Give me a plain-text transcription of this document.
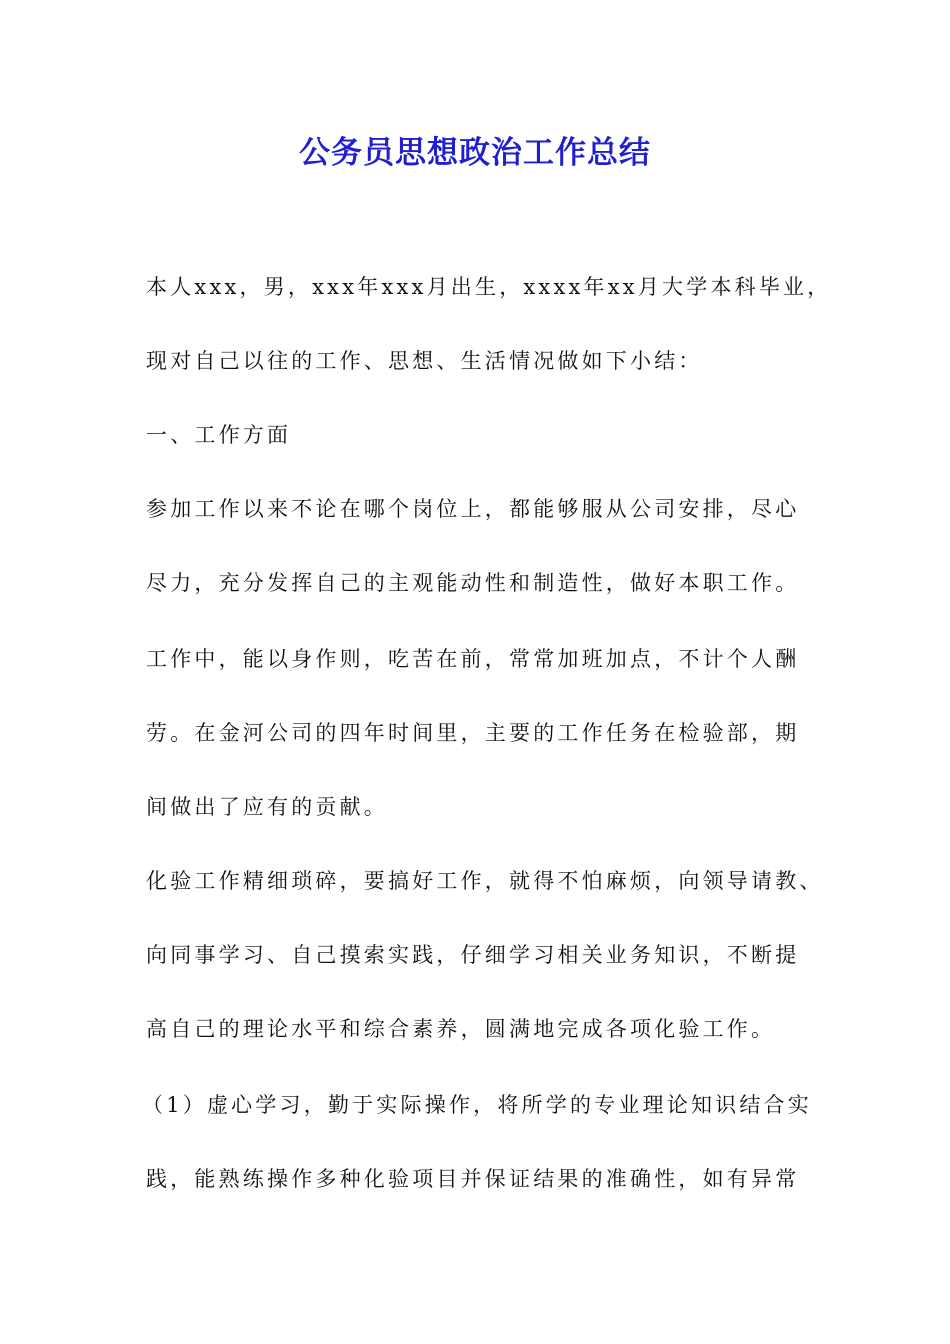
公务员思想政治工作总结
本人xxx，男，xxx年xxx月出生，xxxx年xx月大学本科毕业，
现对自己以往的工作、思想、生活情况做如下小结：
一、工作方面
参加工作以来不论在哪个岗位上，都能够服从公司安排，尽心
尽力，充分发挥自己的主观能动性和制造性，做好本职工作。
工作中，能以身作则，吃苦在前，常常加班加点，不计个人酬
劳。在金河公司的四年时间里，主要的工作任务在检验部，期
间做出了应有的贡献。
化验工作精细琐碎，要搞好工作，就得不怕麻烦，向领导请教、
向同事学习、自己摸索实践，仔细学习相关业务知识，不断提
高自己的理论水平和综合素养，圆满地完成各项化验工作。
（1）虚心学习，勤于实际操作，将所学的专业理论知识结合实
践，能熟练操作多种化验项目并保证结果的准确性，如有异常
